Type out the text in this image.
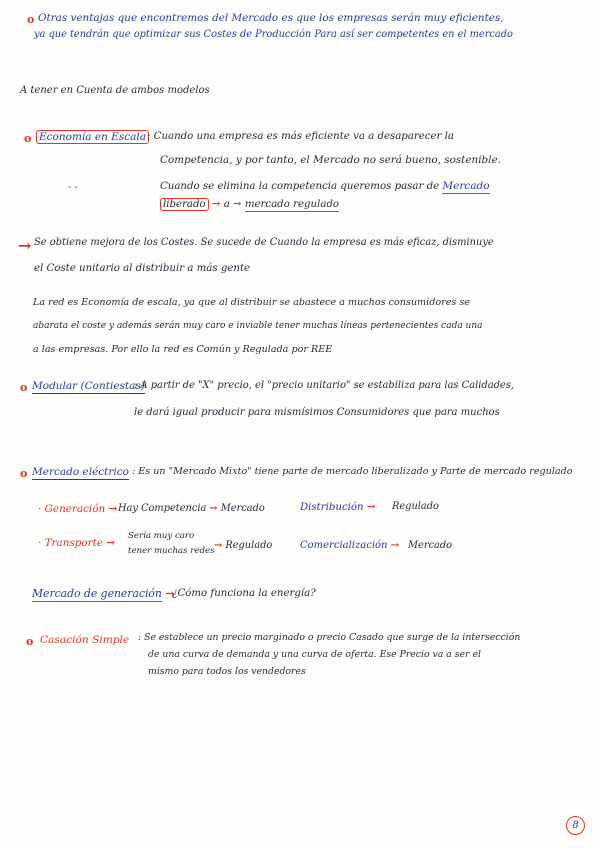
o Otras ventajas que encontremos del Mercado es que los empresas serán muy eficientes,
ya que tendrán que optimizar sus Costes de Producción Para así ser competentes en el mercado
A tener en Cuenta de ambos modelos
o Economía en Escala : Cuando una empresa es más eficiente va a desaparecer la
Competencia, y por tanto, el Mercado no será bueno, sostenible.
Cuando se elimina la competencia queremos pasar de Mercado
- -
liberado → a → mercado regulado
→ Se obtiene mejora de los Costes. Se sucede de Cuando la empresa es más eficaz, disminuye
el Coste unitario al distribuir a más gente
La red es Economía de escala, ya que al distribuir se abastece a muchos consumidores se
abarata el coste y además serán muy caro e inviable tener muchas líneas pertenecientes cada una
a las empresas. Por ello la red es Común y Regulada por REE
o Modular (Contiestas)
: A partir de "X" precio, el "precio unitario" se estabiliza para las Calidades,
le dará igual producir para mismísimos Consumidores que para muchos
o Mercado eléctrico : Es un "Mercado Mixto" tiene parte de mercado liberalizado y Parte de mercado regulado
· Generación → Hay Competencia → Mercado	Distribución → Regulado
· Transporte →
Sería muy caro
tener muchas redes → Regulado	Comercialización → Mercado
Mercado de generación →
¿Cómo funciona la energía?
o Casación Simple : Se establece un precio marginado o precio Casado que surge de la intersección
de una curva de demanda y una curva de oferta. Ese Precio va a ser el
mismo para todos los vendedores
8
